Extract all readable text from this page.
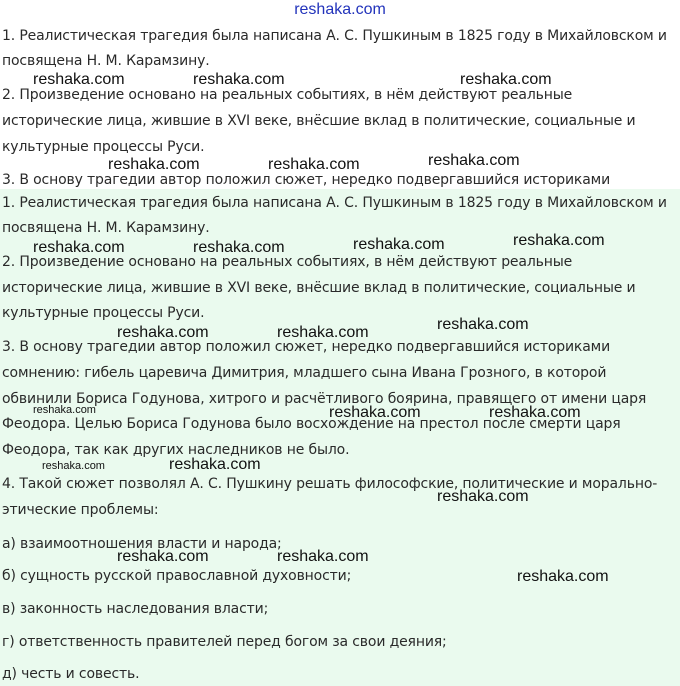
reshaka.com
1. Реалистическая трагедия была написана А. С. Пушкиным в 1825 году в Михайловском и
посвящена Н. М. Карамзину.
2. Произведение основано на реальных событиях, в нём действуют реальные
исторические лица, жившие в XVI веке, внёсшие вклад в политические, социальные и
культурные процессы Руси.
3. В основу трагедии автор положил сюжет, нередко подвергавшийся историками
1. Реалистическая трагедия была написана А. С. Пушкиным в 1825 году в Михайловском и
посвящена Н. М. Карамзину.
2. Произведение основано на реальных событиях, в нём действуют реальные
исторические лица, жившие в XVI веке, внёсшие вклад в политические, социальные и
культурные процессы Руси.
3. В основу трагедии автор положил сюжет, нередко подвергавшийся историками
сомнению: гибель царевича Димитрия, младшего сына Ивана Грозного, в которой
обвинили Бориса Годунова, хитрого и расчётливого боярина, правящего от имени царя
Феодора. Целью Бориса Годунова было восхождение на престол после смерти царя
Феодора, так как других наследников не было.
4. Такой сюжет позволял А. С. Пушкину решать философские, политические и морально-
этические проблемы:
а) взаимоотношения власти и народа;
б) сущность русской православной духовности;
в) законность наследования власти;
г) ответственность правителей перед богом за свои деяния;
д) честь и совесть.
reshaka.com	reshaka.com	reshaka.com
reshaka.com	reshaka.com	reshaka.com
reshaka.com	reshaka.com	reshaka.com	reshaka.com
reshaka.com	reshaka.com	reshaka.com
reshaka.com	reshaka.com	reshaka.com
reshaka.com	reshaka.com
reshaka.com
reshaka.com	reshaka.com
reshaka.com
